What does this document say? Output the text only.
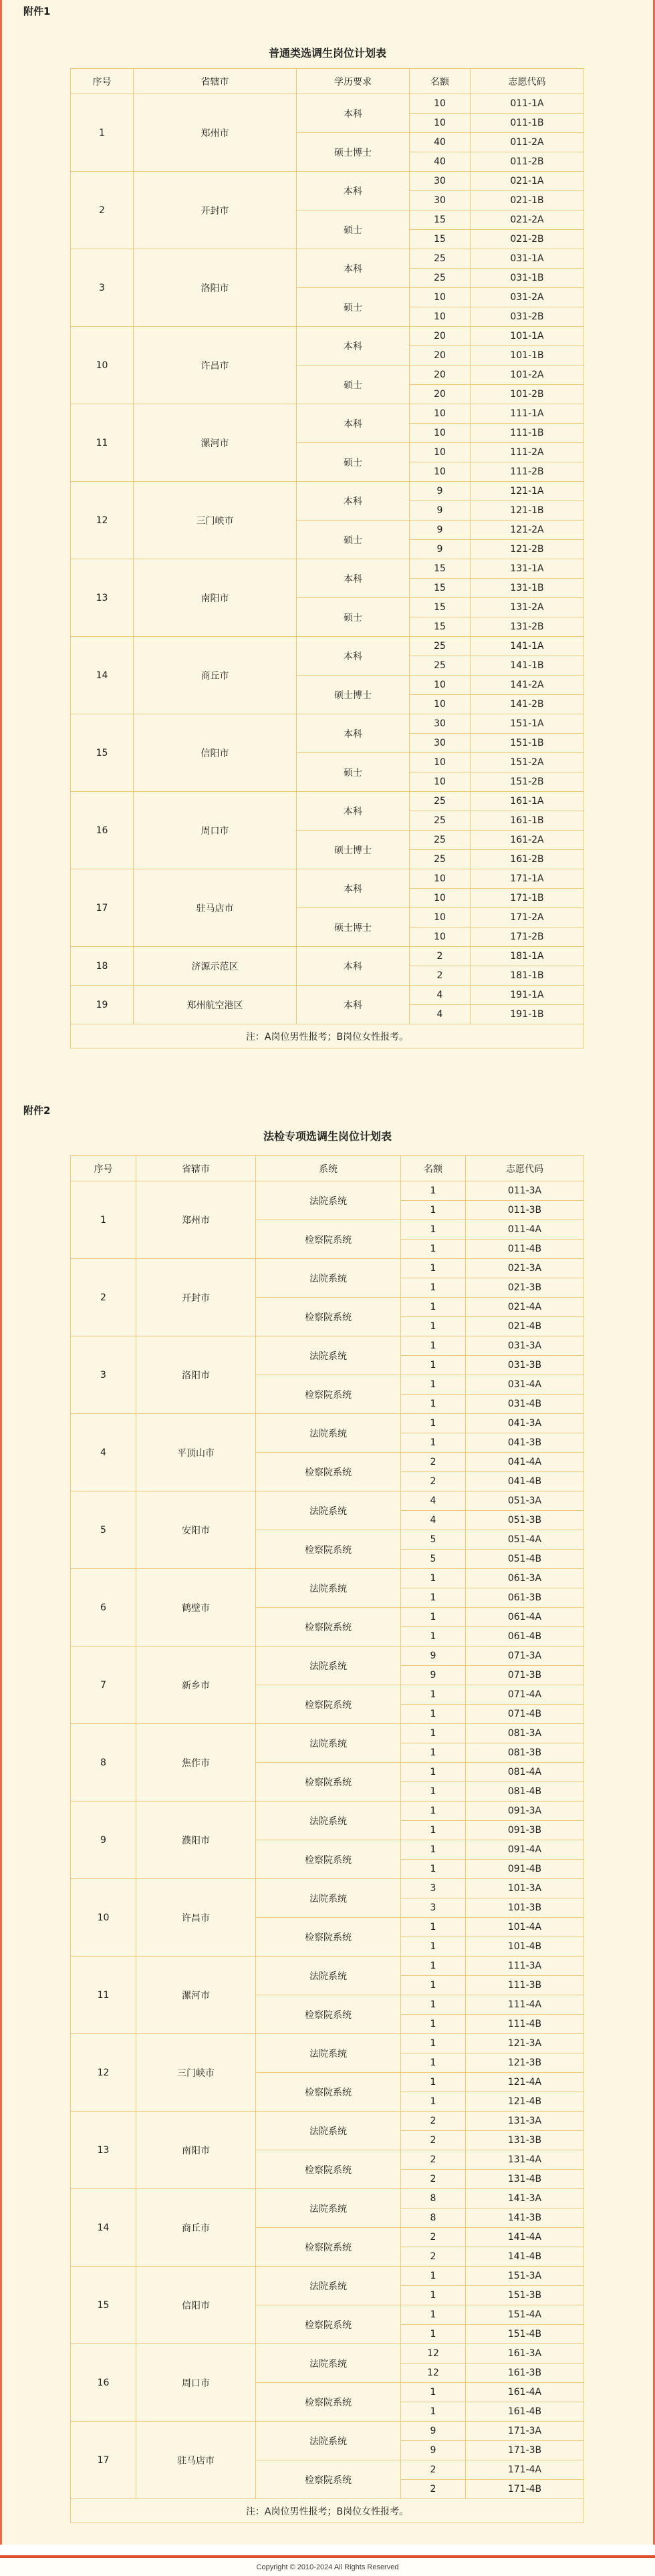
附件1
普通类选调生岗位计划表
序号	省辖市	学历要求	名额	志愿代码
1	郑州市	本科	10	011-1A
			10	011-1B
		硕士博士	40	011-2A
			40	011-2B
2	开封市	本科	30	021-1A
			30	021-1B
		硕士	15	021-2A
			15	021-2B
3	洛阳市	本科	25	031-1A
			25	031-1B
		硕士	10	031-2A
			10	031-2B
10	许昌市	本科	20	101-1A
			20	101-1B
		硕士	20	101-2A
			20	101-2B
11	漯河市	本科	10	111-1A
			10	111-1B
		硕士	10	111-2A
			10	111-2B
12	三门峡市	本科	9	121-1A
			9	121-1B
		硕士	9	121-2A
			9	121-2B
13	南阳市	本科	15	131-1A
			15	131-1B
		硕士	15	131-2A
			15	131-2B
14	商丘市	本科	25	141-1A
			25	141-1B
		硕士博士	10	141-2A
			10	141-2B
15	信阳市	本科	30	151-1A
			30	151-1B
		硕士	10	151-2A
			10	151-2B
16	周口市	本科	25	161-1A
			25	161-1B
		硕士博士	25	161-2A
			25	161-2B
17	驻马店市	本科	10	171-1A
			10	171-1B
		硕士博士	10	171-2A
			10	171-2B
18	济源示范区	本科	2	181-1A
			2	181-1B
19	郑州航空港区	本科	4	191-1A
			4	191-1B
注：A岗位男性报考；B岗位女性报考。				
附件2
法检专项选调生岗位计划表
序号	省辖市	系统	名额	志愿代码
1	郑州市	法院系统	1	011-3A
			1	011-3B
		检察院系统	1	011-4A
			1	011-4B
2	开封市	法院系统	1	021-3A
			1	021-3B
		检察院系统	1	021-4A
			1	021-4B
3	洛阳市	法院系统	1	031-3A
			1	031-3B
		检察院系统	1	031-4A
			1	031-4B
4	平顶山市	法院系统	1	041-3A
			1	041-3B
		检察院系统	2	041-4A
			2	041-4B
5	安阳市	法院系统	4	051-3A
			4	051-3B
		检察院系统	5	051-4A
			5	051-4B
6	鹤壁市	法院系统	1	061-3A
			1	061-3B
		检察院系统	1	061-4A
			1	061-4B
7	新乡市	法院系统	9	071-3A
			9	071-3B
		检察院系统	1	071-4A
			1	071-4B
8	焦作市	法院系统	1	081-3A
			1	081-3B
		检察院系统	1	081-4A
			1	081-4B
9	濮阳市	法院系统	1	091-3A
			1	091-3B
		检察院系统	1	091-4A
			1	091-4B
10	许昌市	法院系统	3	101-3A
			3	101-3B
		检察院系统	1	101-4A
			1	101-4B
11	漯河市	法院系统	1	111-3A
			1	111-3B
		检察院系统	1	111-4A
			1	111-4B
12	三门峡市	法院系统	1	121-3A
			1	121-3B
		检察院系统	1	121-4A
			1	121-4B
13	南阳市	法院系统	2	131-3A
			2	131-3B
		检察院系统	2	131-4A
			2	131-4B
14	商丘市	法院系统	8	141-3A
			8	141-3B
		检察院系统	2	141-4A
			2	141-4B
15	信阳市	法院系统	1	151-3A
			1	151-3B
		检察院系统	1	151-4A
			1	151-4B
16	周口市	法院系统	12	161-3A
			12	161-3B
		检察院系统	1	161-4A
			1	161-4B
17	驻马店市	法院系统	9	171-3A
			9	171-3B
		检察院系统	2	171-4A
			2	171-4B
注：A岗位男性报考；B岗位女性报考。				
Copyright © 2010-2024 All Rights Reserved
